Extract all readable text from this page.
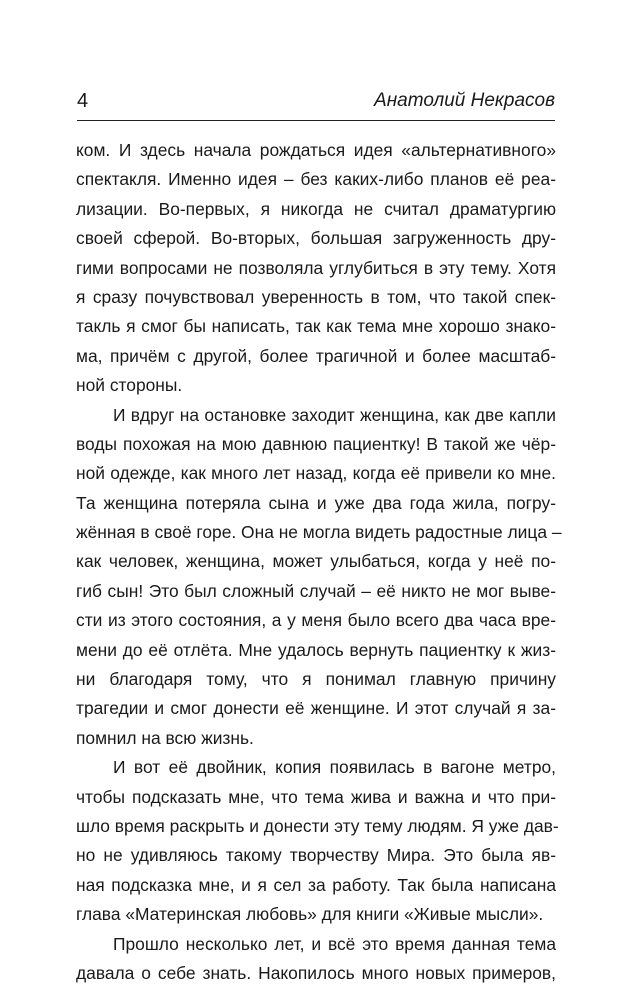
4	Анатолий Некрасов
ком. И здесь начала рождаться идея «альтернативного»
спектакля. Именно идея – без каких-либо планов её реа-
лизации. Во-первых, я никогда не считал драматургию
своей сферой. Во-вторых, большая загруженность дру-
гими вопросами не позволяла углубиться в эту тему. Хотя
я сразу почувствовал уверенность в том, что такой спек-
такль я смог бы написать, так как тема мне хорошо знако-
ма, причём с другой, более трагичной и более масштаб-
ной стороны.
И вдруг на остановке заходит женщина, как две капли
воды похожая на мою давнюю пациентку! В такой же чёр-
ной одежде, как много лет назад, когда её привели ко мне.
Та женщина потеряла сына и уже два года жила, погру-
жённая в своё горе. Она не могла видеть радостные лица –
как человек, женщина, может улыбаться, когда у неё по-
гиб сын! Это был сложный случай – её никто не мог выве-
сти из этого состояния, а у меня было всего два часа вре-
мени до её отлёта. Мне удалось вернуть пациентку к жиз-
ни благодаря тому, что я понимал главную причину
трагедии и смог донести её женщине. И этот случай я за-
помнил на всю жизнь.
И вот её двойник, копия появилась в вагоне метро,
чтобы подсказать мне, что тема жива и важна и что при-
шло время раскрыть и донести эту тему людям. Я уже дав-
но не удивляюсь такому творчеству Мира. Это была яв-
ная подсказка мне, и я сел за работу. Так была написана
глава «Материнская любовь» для книги «Живые мысли».
Прошло несколько лет, и всё это время данная тема
давала о себе знать. Накопилось много новых примеров,
